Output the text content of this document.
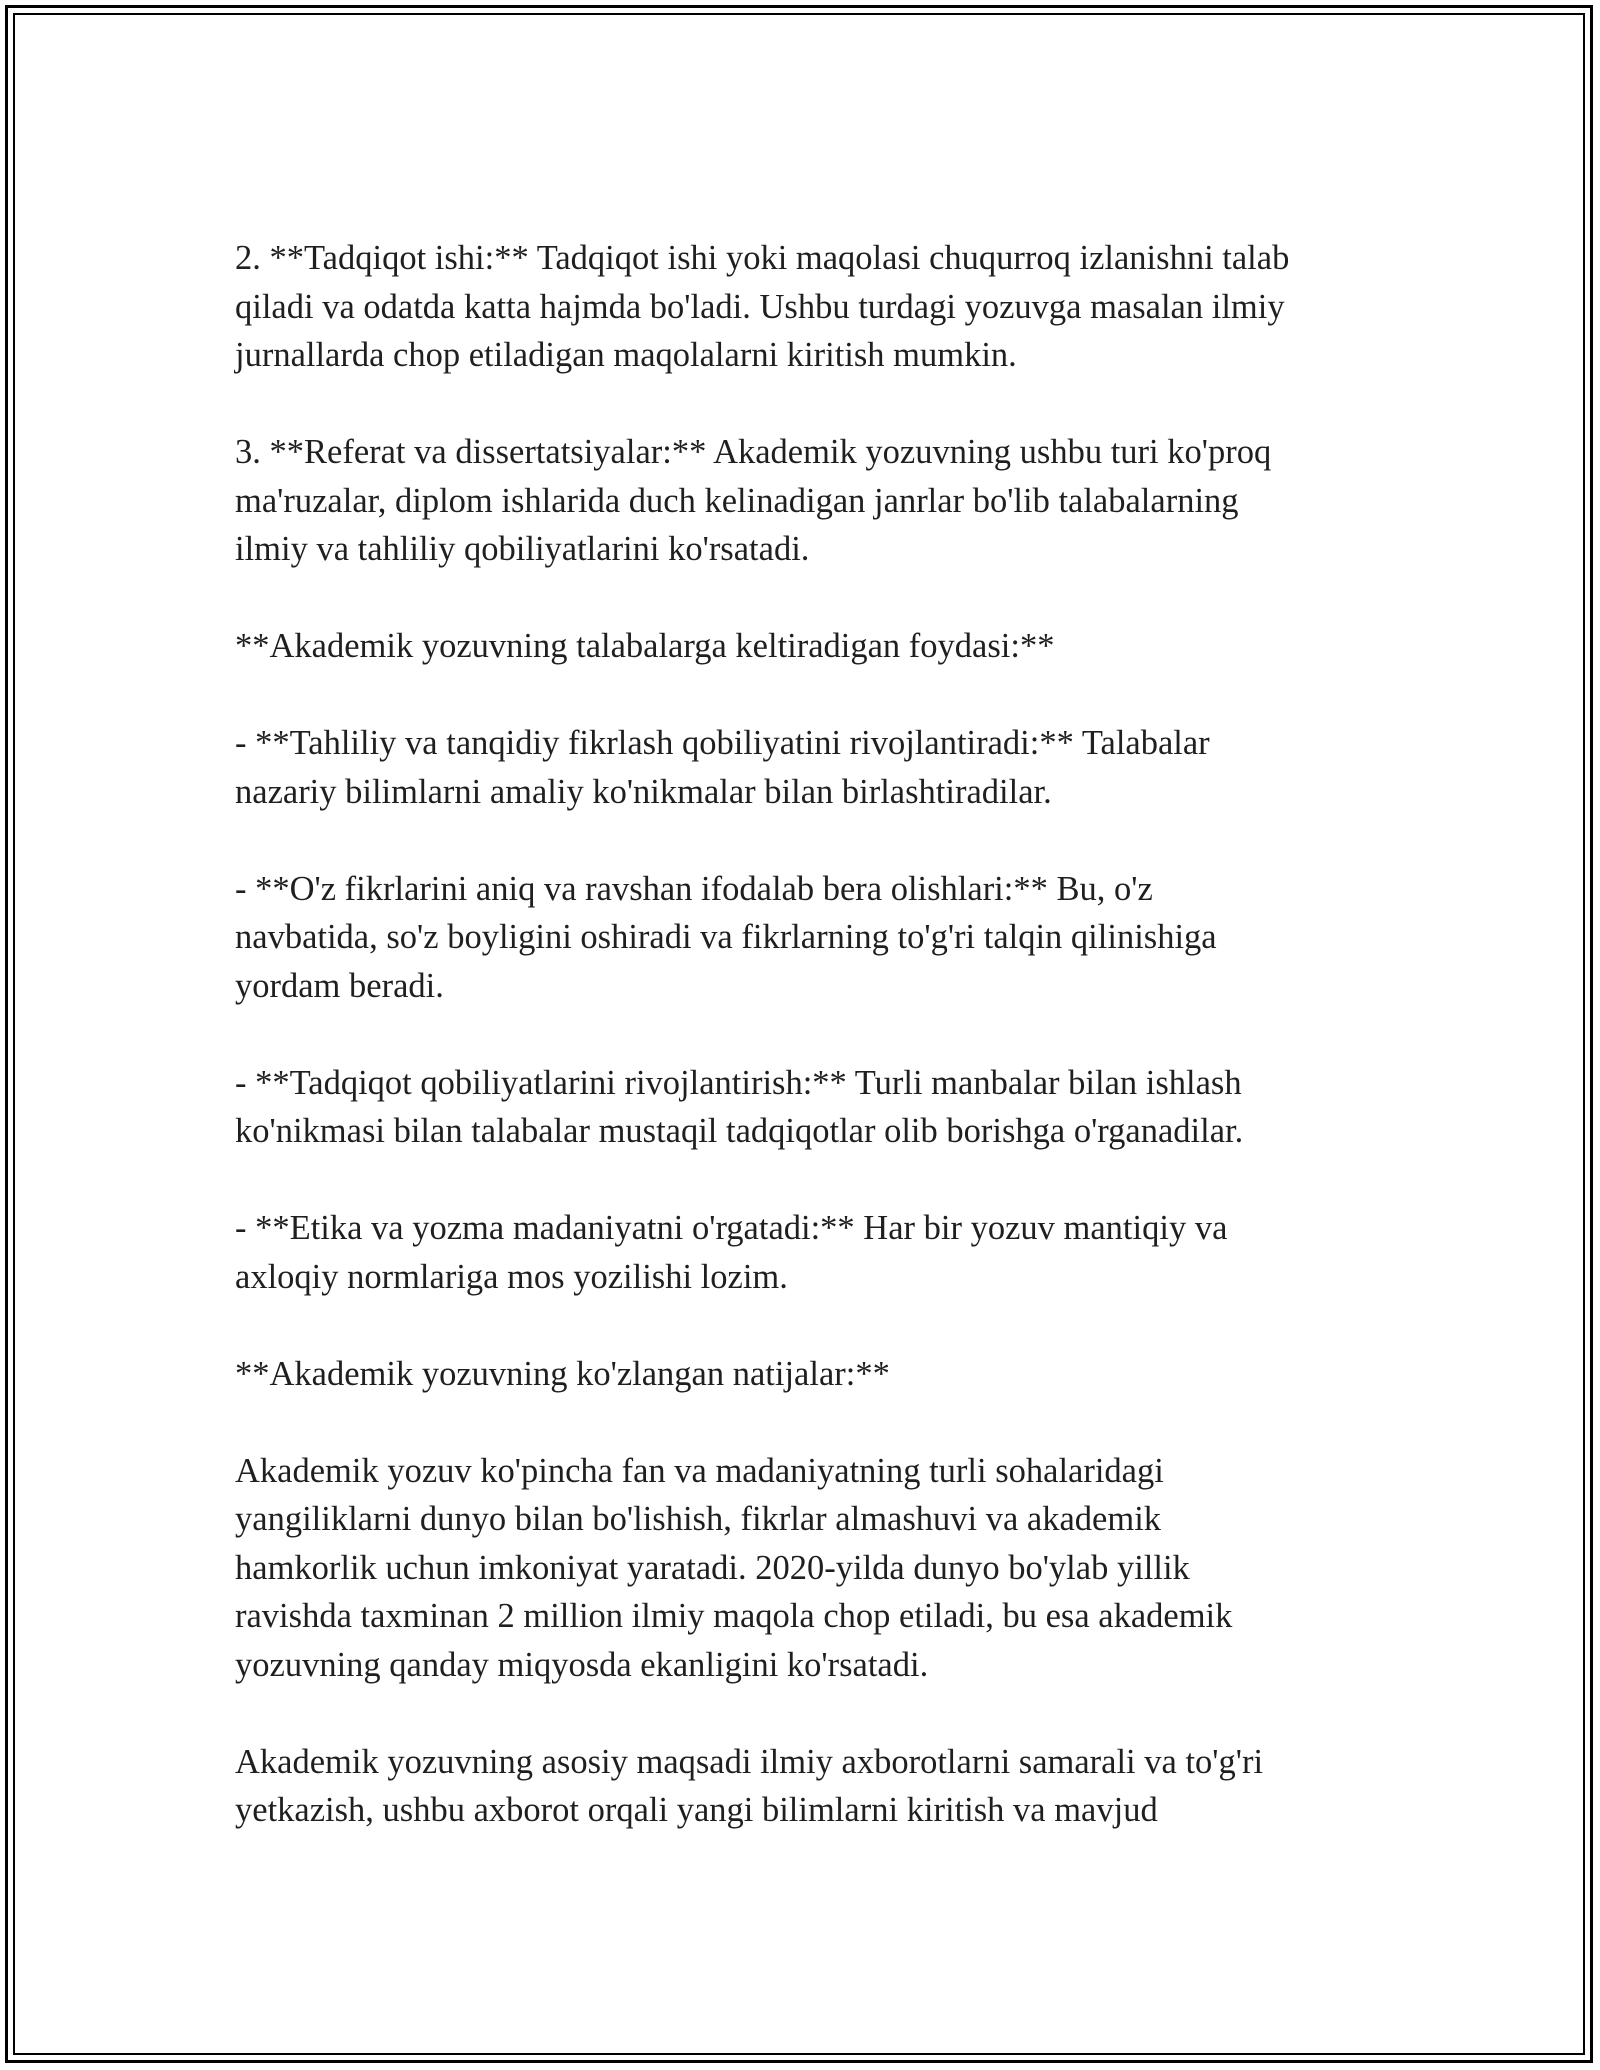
2. **Tadqiqot ishi:** Tadqiqot ishi yoki maqolasi chuqurroq izlanishni talab
qiladi va odatda katta hajmda bo'ladi. Ushbu turdagi yozuvga masalan ilmiy
jurnallarda chop etiladigan maqolalarni kiritish mumkin.

3. **Referat va dissertatsiyalar:** Akademik yozuvning ushbu turi ko'proq
ma'ruzalar, diplom ishlarida duch kelinadigan janrlar bo'lib talabalarning
ilmiy va tahliliy qobiliyatlarini ko'rsatadi.

**Akademik yozuvning talabalarga keltiradigan foydasi:**

- **Tahliliy va tanqidiy fikrlash qobiliyatini rivojlantiradi:** Talabalar
nazariy bilimlarni amaliy ko'nikmalar bilan birlashtiradilar.

- **O'z fikrlarini aniq va ravshan ifodalab bera olishlari:** Bu, o'z
navbatida, so'z boyligini oshiradi va fikrlarning to'g'ri talqin qilinishiga
yordam beradi.

- **Tadqiqot qobiliyatlarini rivojlantirish:** Turli manbalar bilan ishlash
ko'nikmasi bilan talabalar mustaqil tadqiqotlar olib borishga o'rganadilar.

- **Etika va yozma madaniyatni o'rgatadi:** Har bir yozuv mantiqiy va
axloqiy normlariga mos yozilishi lozim.

**Akademik yozuvning ko'zlangan natijalar:**

Akademik yozuv ko'pincha fan va madaniyatning turli sohalaridagi
yangiliklarni dunyo bilan bo'lishish, fikrlar almashuvi va akademik
hamkorlik uchun imkoniyat yaratadi. 2020-yilda dunyo bo'ylab yillik
ravishda taxminan 2 million ilmiy maqola chop etiladi, bu esa akademik
yozuvning qanday miqyosda ekanligini ko'rsatadi.

Akademik yozuvning asosiy maqsadi ilmiy axborotlarni samarali va to'g'ri
yetkazish, ushbu axborot orqali yangi bilimlarni kiritish va mavjud
